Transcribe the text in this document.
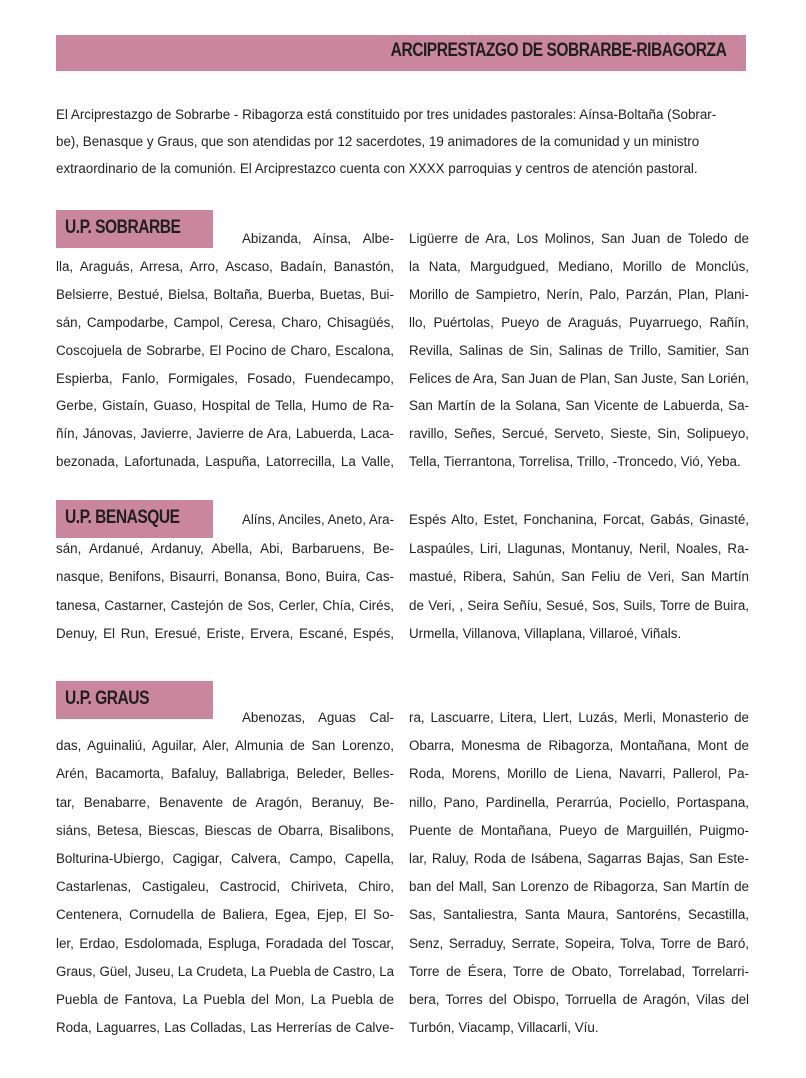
ARCIPRESTAZGO DE SOBRARBE-RIBAGORZA
El Arciprestazgo de Sobrarbe - Ribagorza está constituido por tres unidades pastorales: Aínsa-Boltaña (Sobrar-
be), Benasque y Graus, que son atendidas por 12 sacerdotes, 19 animadores de la comunidad y un ministro
extraordinario de la comunión. El Arciprestazco cuenta con XXXX parroquias y centros de atención pastoral.
U.P. SOBRARBE
Abizanda, Aínsa, Albe-
lla, Araguás, Arresa, Arro, Ascaso, Badaín, Banastón,
Belsierre, Bestué, Bielsa, Boltaña, Buerba, Buetas, Bui-
sán, Campodarbe, Campol, Ceresa, Charo, Chisagüés,
Coscojuela de Sobrarbe, El Pocino de Charo, Escalona,
Espierba, Fanlo, Formigales, Fosado, Fuendecampo,
Gerbe, Gistaín, Guaso, Hospital de Tella, Humo de Ra-
ñín, Jánovas, Javierre, Javierre de Ara, Labuerda, Laca-
bezonada, Lafortunada, Laspuña, Latorrecilla, La Valle,
Ligüerre de Ara, Los Molinos, San Juan de Toledo de
la Nata, Margudgued, Mediano, Morillo de Monclús,
Morillo de Sampietro, Nerín, Palo, Parzán, Plan, Plani-
llo, Puértolas, Pueyo de Araguás, Puyarruego, Rañín,
Revilla, Salinas de Sin, Salinas de Trillo, Samitier, San
Felices de Ara, San Juan de Plan, San Juste, San Lorién,
San Martín de la Solana, San Vicente de Labuerda, Sa-
ravillo, Señes, Sercué, Serveto, Sieste, Sin, Solipueyo,
Tella, Tierrantona, Torrelisa, Trillo, -Troncedo, Vió, Yeba.
U.P. BENASQUE	Alíns, Anciles, Aneto, Ara-
sán, Ardanué, Ardanuy, Abella, Abi, Barbaruens, Be-
nasque, Benifons, Bisaurri, Bonansa, Bono, Buira, Cas-
tanesa, Castarner, Castejón de Sos, Cerler, Chía, Cirés,
Denuy, El Run, Eresué, Eriste, Ervera, Escané, Espés,
Espés Alto, Estet, Fonchanina, Forcat, Gabás, Ginasté,
Laspaúles, Liri, Llagunas, Montanuy, Neril, Noales, Ra-
mastué, Ribera, Sahún, San Feliu de Veri, San Martín
de Veri, , Seira Señíu, Sesué, Sos, Suils, Torre de Buira,
Urmella, Villanova, Villaplana, Villaroé, Viñals.
U.P. GRAUS
Abenozas, Aguas Cal-
das, Aguinaliú, Aguilar, Aler, Almunia de San Lorenzo,
Arén, Bacamorta, Bafaluy, Ballabriga, Beleder, Belles-
tar, Benabarre, Benavente de Aragón, Beranuy, Be-
siáns, Betesa, Biescas, Biescas de Obarra, Bisalibons,
Bolturina-Ubiergo, Cagigar, Calvera, Campo, Capella,
Castarlenas, Castigaleu, Castrocid, Chiriveta, Chiro,
Centenera, Cornudella de Baliera, Egea, Ejep, El So-
ler, Erdao, Esdolomada, Espluga, Foradada del Toscar,
Graus, Güel, Juseu, La Crudeta, La Puebla de Castro, La
Puebla de Fantova, La Puebla del Mon, La Puebla de
Roda, Laguarres, Las Colladas, Las Herrerías de Calve-
ra, Lascuarre, Litera, Llert, Luzás, Merli, Monasterio de
Obarra, Monesma de Ribagorza, Montañana, Mont de
Roda, Morens, Morillo de Liena, Navarri, Pallerol, Pa-
nillo, Pano, Pardinella, Perarrúa, Pociello, Portaspana,
Puente de Montañana, Pueyo de Marguillén, Puigmo-
lar, Raluy, Roda de Isábena, Sagarras Bajas, San Este-
ban del Mall, San Lorenzo de Ribagorza, San Martín de
Sas, Santaliestra, Santa Maura, Santoréns, Secastilla,
Senz, Serraduy, Serrate, Sopeira, Tolva, Torre de Baró,
Torre de Ésera, Torre de Obato, Torrelabad, Torrelarri-
bera, Torres del Obispo, Torruella de Aragón, Vilas del
Turbón, Viacamp, Villacarli, Víu.
